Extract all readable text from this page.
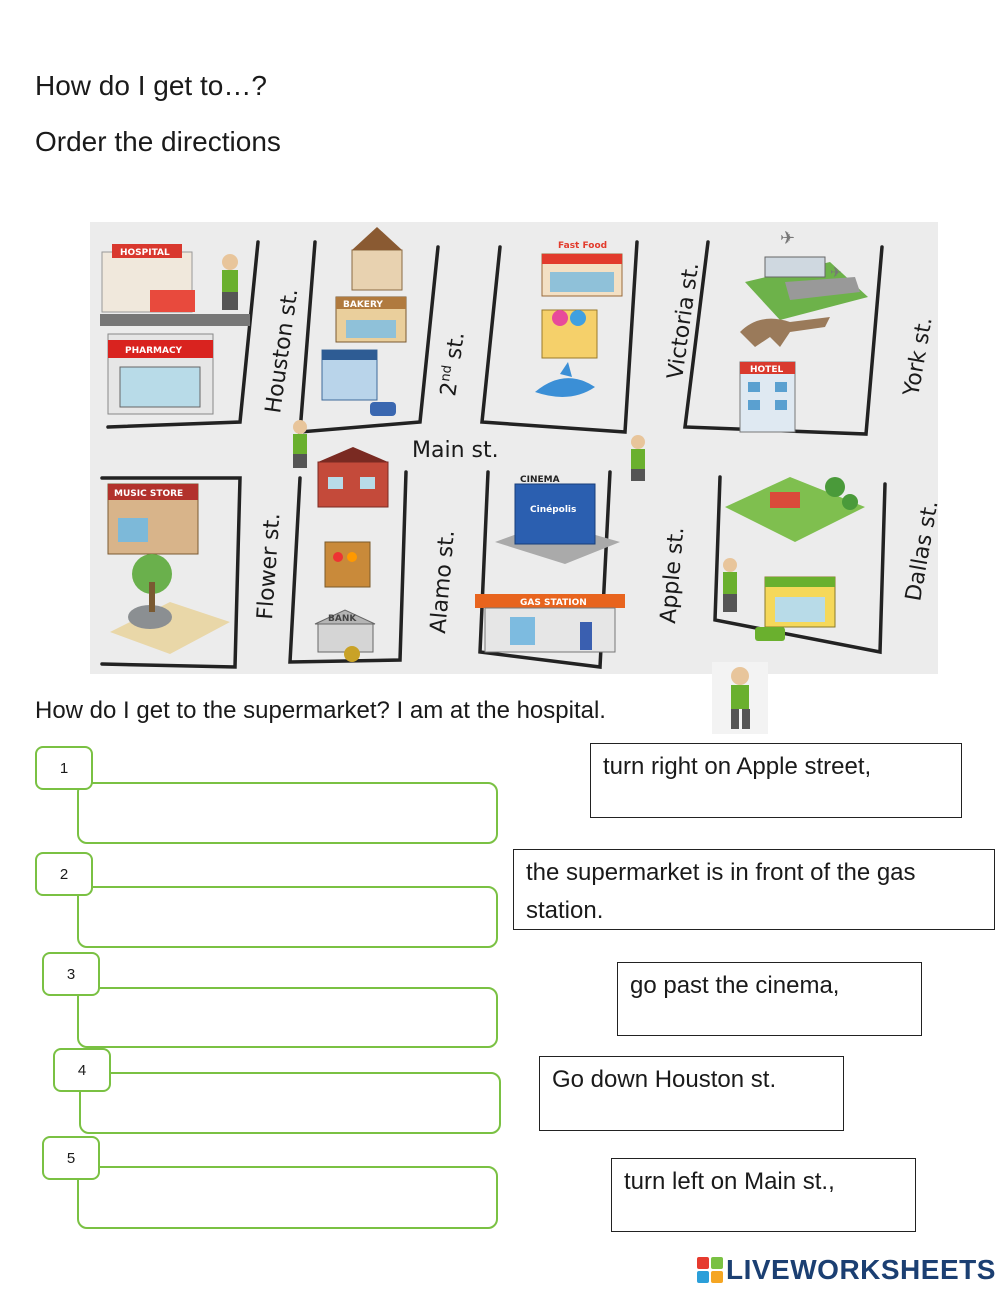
How do I get to…?
Order the directions
HOSPITAL
PHARMACY
BAKERY
Fast Food	✈
✈
HOTEL
MUSIC STORE
BANK
CINEMA
Cinépolis
GAS STATION
Houston st.	2nd st.	Victoria st.	York st.
Main st.
Flower st.	Alamo st.	Apple st.	Dallas st.
How do I get to the supermarket? I am at the hospital.
1
2
3
4
5
turn right on Apple street,
the supermarket is in front of the gas station.
go past the cinema,
Go down Houston st.
turn left on Main st.,
LIVEWORKSHEETS
